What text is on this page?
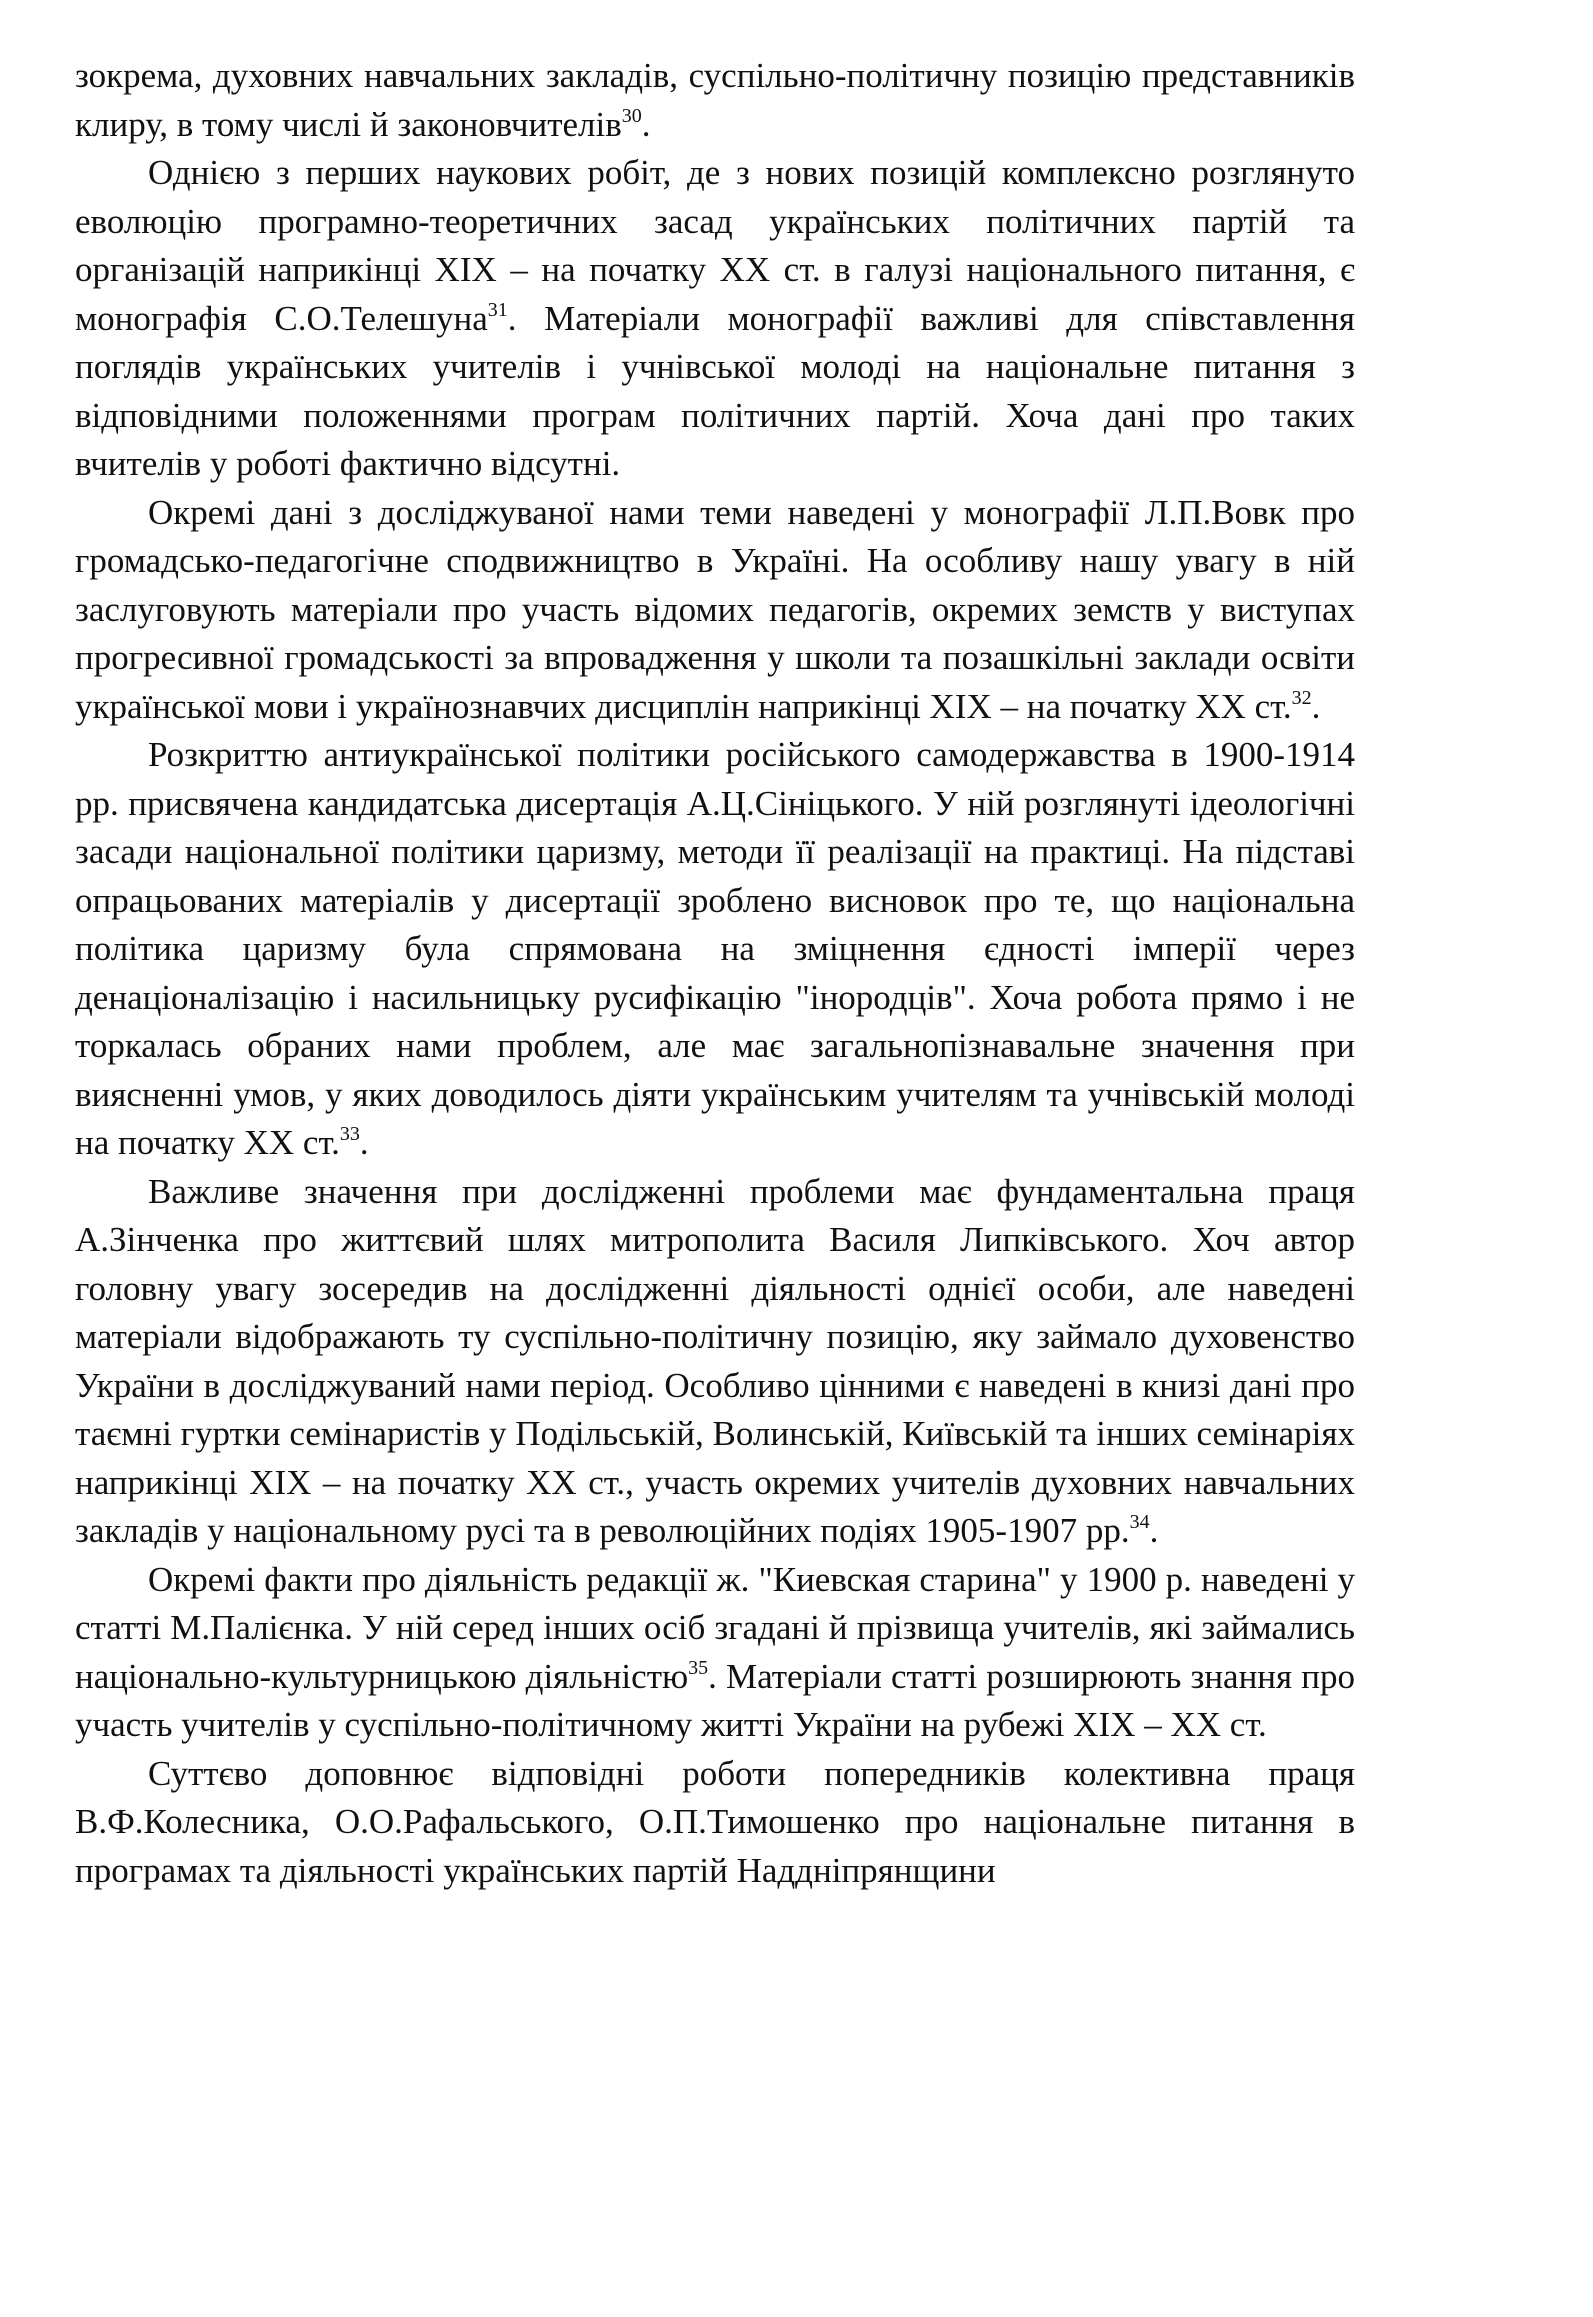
зокрема, духовних навчальних закладів, суспільно-політичну позицію представників клиру, в тому числі й законовчителів$^{30}$.

Однією з перших наукових робіт, де з нових позицій комплексно розглянуто еволюцію програмно-теоретичних засад українських політичних партій та організацій наприкінці XIX – на початку XX ст. в галузі національного питання, є монографія С.О.Телешуна$^{31}$. Матеріали монографії важливі для співставлення поглядів українських учителів і учнівської молоді на національне питання з відповідними положеннями програм політичних партій. Хоча дані про таких вчителів у роботі фактично відсутні.

Окремі дані з досліджуваної нами теми наведені у монографії Л.П.Вовк про громадсько-педагогічне сподвижництво в Україні. На особливу нашу увагу в ній заслуговують матеріали про участь відомих педагогів, окремих земств у виступах прогресивної громадськості за впровадження у школи та позашкільні заклади освіти української мови і українознавчих дисциплін наприкінці XIX – на початку XX ст.$^{32}$.

Розкриттю антиукраїнської політики російського самодержавства в 1900-1914 рр. присвячена кандидатська дисертація А.Ц.Сініцького. У ній розглянуті ідеологічні засади національної політики царизму, методи її реалізації на практиці. На підставі опрацьованих матеріалів у дисертації зроблено висновок про те, що національна політика царизму була спрямована на зміцнення єдності імперії через денаціоналізацію і насильницьку русифікацію "інородців". Хоча робота прямо і не торкалась обраних нами проблем, але має загальнопізнавальне значення при виясненні умов, у яких доводилось діяти українським учителям та учнівській молоді на початку XX ст.$^{33}$.

Важливе значення при дослідженні проблеми має фундаментальна праця А.Зінченка про життєвий шлях митрополита Василя Липківського. Хоч автор головну увагу зосередив на дослідженні діяльності однієї особи, але наведені матеріали відображають ту суспільно-політичну позицію, яку займало духовенство України в досліджуваний нами період. Особливо цінними є наведені в книзі дані про таємні гуртки семінаристів у Подільській, Волинській, Київській та інших семінаріях наприкінці XIX – на початку XX ст., участь окремих учителів духовних навчальних закладів у національному русі та в революційних подіях 1905-1907 рр.$^{34}$.

Окремі факти про діяльність редакції ж. "Киевская старина" у 1900 р. наведені у статті М.Палієнка. У ній серед інших осіб згадані й прізвища учителів, які займались національно-культурницькою діяльністю$^{35}$. Матеріали статті розширюють знання про участь учителів у суспільно-політичному житті України на рубежі XIX – XX ст.

Суттєво доповнює відповідні роботи попередників колективна праця В.Ф.Колесника, О.О.Рафальського, О.П.Тимошенко про національне питання в програмах та діяльності українських партій Наддніпрянщини
